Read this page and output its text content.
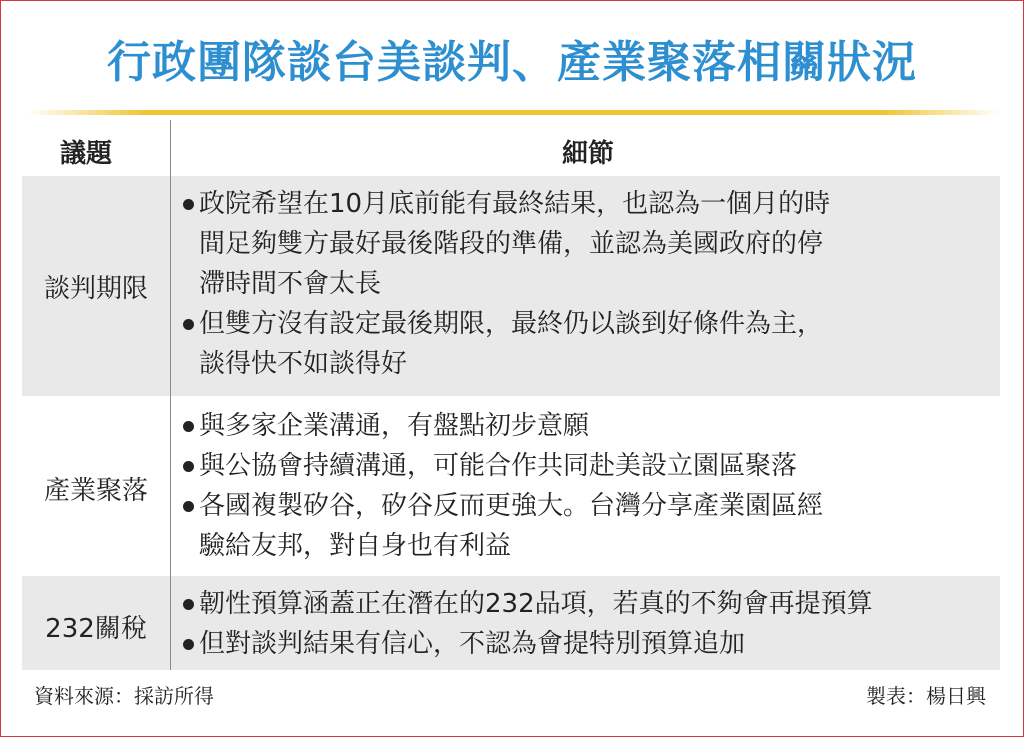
行政團隊談台美談判、產業聚落相關狀況
議題	細節
談判期限
政院希望在10月底前能有最終結果，也認為一個月的時
間足夠雙方最好最後階段的準備，並認為美國政府的停
滯時間不會太長
但雙方沒有設定最後期限，最終仍以談到好條件為主，
談得快不如談得好
產業聚落
與多家企業溝通，有盤點初步意願
與公協會持續溝通，可能合作共同赴美設立園區聚落
各國複製矽谷，矽谷反而更強大。台灣分享產業園區經
驗給友邦，對自身也有利益
232關稅
韌性預算涵蓋正在潛在的232品項，若真的不夠會再提預算
但對談判結果有信心，不認為會提特別預算追加
資料來源：採訪所得	製表：楊日興
